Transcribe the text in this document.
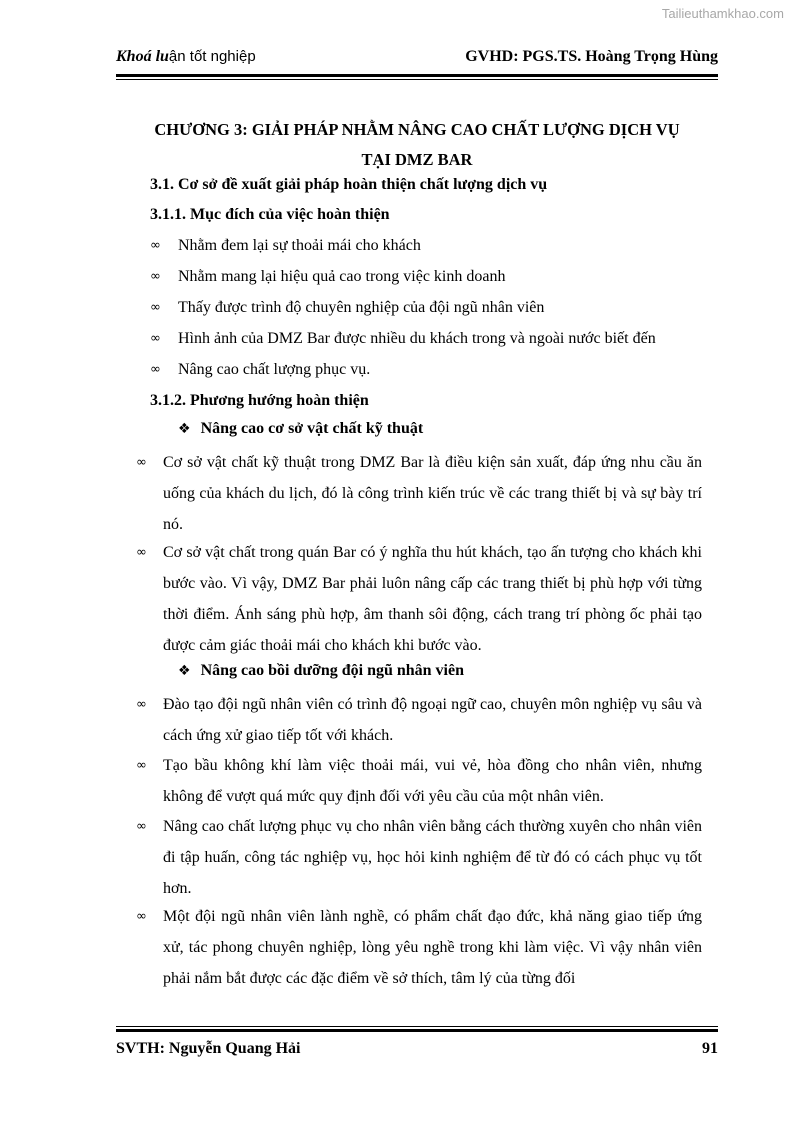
Tailieuthamkhao.com
Khoá luận tốt nghiệp	GVHD: PGS.TS. Hoàng Trọng Hùng
CHƯƠNG 3: GIẢI PHÁP NHẰM NÂNG CAO CHẤT LƯỢNG DỊCH VỤ
TẠI DMZ BAR
3.1. Cơ sở đề xuất giải pháp hoàn thiện chất lượng dịch vụ
3.1.1. Mục đích của việc hoàn thiện
∞ Nhằm đem lại sự thoải mái cho khách
∞ Nhằm mang lại hiệu quả cao trong việc kinh doanh
∞ Thấy được trình độ chuyên nghiệp của đội ngũ nhân viên
∞ Hình ảnh của DMZ Bar được nhiều du khách trong và ngoài nước biết đến
∞ Nâng cao chất lượng phục vụ.
3.1.2. Phương hướng hoàn thiện
❖ Nâng cao cơ sở vật chất kỹ thuật
∞ Cơ sở vật chất kỹ thuật trong DMZ Bar là điều kiện sản xuất, đáp ứng nhu cầu ăn uống của khách du lịch, đó là công trình kiến trúc về các trang thiết bị và sự bày trí nó.
∞ Cơ sở vật chất trong quán Bar có ý nghĩa thu hút khách, tạo ấn tượng cho khách khi bước vào. Vì vậy, DMZ Bar phải luôn nâng cấp các trang thiết bị phù hợp với từng thời điểm. Ánh sáng phù hợp, âm thanh sôi động, cách trang trí phòng ốc phải tạo được cảm giác thoải mái cho khách khi bước vào.
❖ Nâng cao bồi dưỡng đội ngũ nhân viên
∞ Đào tạo đội ngũ nhân viên có trình độ ngoại ngữ cao, chuyên môn nghiệp vụ sâu và cách ứng xử giao tiếp tốt với khách.
∞ Tạo bầu không khí làm việc thoải mái, vui vẻ, hòa đồng cho nhân viên, nhưng không để vượt quá mức quy định đối với yêu cầu của một nhân viên.
∞ Nâng cao chất lượng phục vụ cho nhân viên bằng cách thường xuyên cho nhân viên đi tập huấn, công tác nghiệp vụ, học hỏi kinh nghiệm để từ đó có cách phục vụ tốt hơn.
∞ Một đội ngũ nhân viên lành nghề, có phẩm chất đạo đức, khả năng giao tiếp ứng xử, tác phong chuyên nghiệp, lòng yêu nghề trong khi làm việc. Vì vậy nhân viên phải nắm bắt được các đặc điểm về sở thích, tâm lý của từng đối
SVTH: Nguyễn Quang Hải	91
